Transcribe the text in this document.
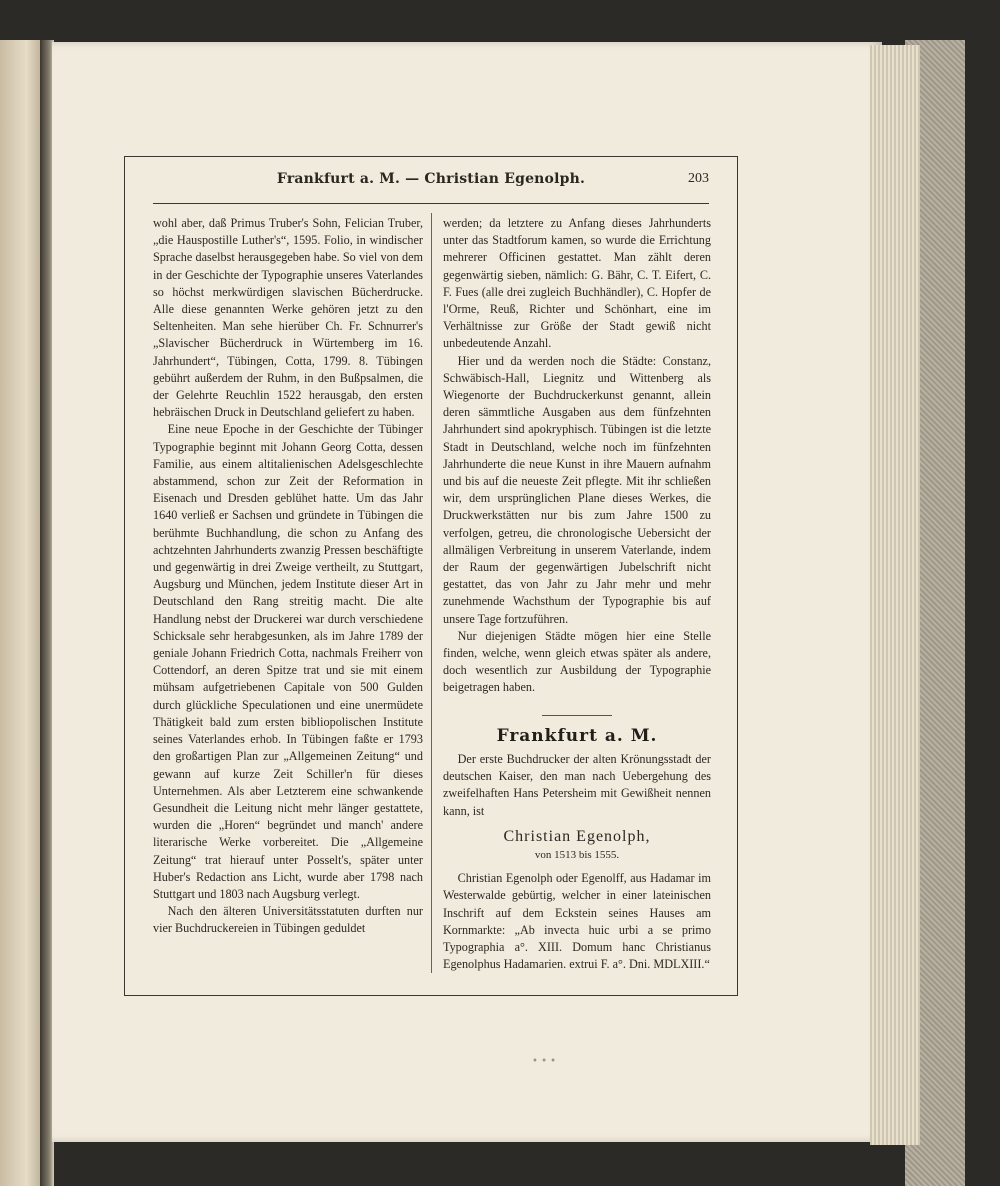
Frankfurt a. M. — Christian Egenolph.	203

wohl aber, daß Primus Truber's Sohn, Felician Truber, „die Hauspostille Luther's“, 1595. Folio, in windischer Sprache daselbst herausgegeben habe. So viel von dem in der Geschichte der Typographie unseres Vaterlandes so höchst merkwürdigen slavischen Bücherdrucke. Alle diese genannten Werke gehören jetzt zu den Seltenheiten. Man sehe hierüber Ch. Fr. Schnurrer's „Slavischer Bücherdruck in Würtemberg im 16. Jahrhundert“, Tübingen, Cotta, 1799. 8. Tübingen gebührt außerdem der Ruhm, in den Bußpsalmen, die der Gelehrte Reuchlin 1522 herausgab, den ersten hebräischen Druck in Deutschland geliefert zu haben.

Eine neue Epoche in der Geschichte der Tübinger Typographie beginnt mit Johann Georg Cotta, dessen Familie, aus einem altitalienischen Adelsgeschlechte abstammend, schon zur Zeit der Reformation in Eisenach und Dresden geblühet hatte. Um das Jahr 1640 verließ er Sachsen und gründete in Tübingen die berühmte Buchhandlung, die schon zu Anfang des achtzehnten Jahrhunderts zwanzig Pressen beschäftigte und gegenwärtig in drei Zweige vertheilt, zu Stuttgart, Augsburg und München, jedem Institute dieser Art in Deutschland den Rang streitig macht. Die alte Handlung nebst der Druckerei war durch verschiedene Schicksale sehr herabgesunken, als im Jahre 1789 der geniale Johann Friedrich Cotta, nachmals Freiherr von Cottendorf, an deren Spitze trat und sie mit einem mühsam aufgetriebenen Capitale von 500 Gulden durch glückliche Speculationen und eine unermüdete Thätigkeit bald zum ersten bibliopolischen Institute seines Vaterlandes erhob. In Tübingen faßte er 1793 den großartigen Plan zur „Allgemeinen Zeitung“ und gewann auf kurze Zeit Schiller'n für dieses Unternehmen. Als aber Letzterem eine schwankende Gesundheit die Leitung nicht mehr länger gestattete, wurden die „Horen“ begründet und manch' andere literarische Werke vorbereitet. Die „Allgemeine Zeitung“ trat hierauf unter Posselt's, später unter Huber's Redaction ans Licht, wurde aber 1798 nach Stuttgart und 1803 nach Augsburg verlegt.

Nach den älteren Universitätsstatuten durften nur vier Buchdruckereien in Tübingen geduldet

werden; da letztere zu Anfang dieses Jahrhunderts unter das Stadtforum kamen, so wurde die Errichtung mehrerer Officinen gestattet. Man zählt deren gegenwärtig sieben, nämlich: G. Bähr, C. T. Eifert, C. F. Fues (alle drei zugleich Buchhändler), C. Hopfer de l'Orme, Reuß, Richter und Schönhart, eine im Verhältnisse zur Größe der Stadt gewiß nicht unbedeutende Anzahl.

Hier und da werden noch die Städte: Constanz, Schwäbisch-Hall, Liegnitz und Wittenberg als Wiegenorte der Buchdruckerkunst genannt, allein deren sämmtliche Ausgaben aus dem fünfzehnten Jahrhundert sind apokryphisch. Tübingen ist die letzte Stadt in Deutschland, welche noch im fünfzehnten Jahrhunderte die neue Kunst in ihre Mauern aufnahm und bis auf die neueste Zeit pflegte. Mit ihr schließen wir, dem ursprünglichen Plane dieses Werkes, die Druckwerkstätten nur bis zum Jahre 1500 zu verfolgen, getreu, die chronologische Uebersicht der allmäligen Verbreitung in unserem Vaterlande, indem der Raum der gegenwärtigen Jubelschrift nicht gestattet, das von Jahr zu Jahr mehr und mehr zunehmende Wachsthum der Typographie bis auf unsere Tage fortzuführen.

Nur diejenigen Städte mögen hier eine Stelle finden, welche, wenn gleich etwas später als andere, doch wesentlich zur Ausbildung der Typographie beigetragen haben.

Frankfurt a. M.

Der erste Buchdrucker der alten Krönungsstadt der deutschen Kaiser, den man nach Uebergehung des zweifelhaften Hans Petersheim mit Gewißheit nennen kann, ist

Christian Egenolph,
von 1513 bis 1555.

Christian Egenolph oder Egenolff, aus Hadamar im Westerwalde gebürtig, welcher in einer lateinischen Inschrift auf dem Eckstein seines Hauses am Kornmarkte: „Ab invecta huic urbi a se primo Typographia a°. XIII. Domum hanc Christianus Egenolphus Hadamarien. extrui F. a°. Dni. MDLXIII.“

• • •
